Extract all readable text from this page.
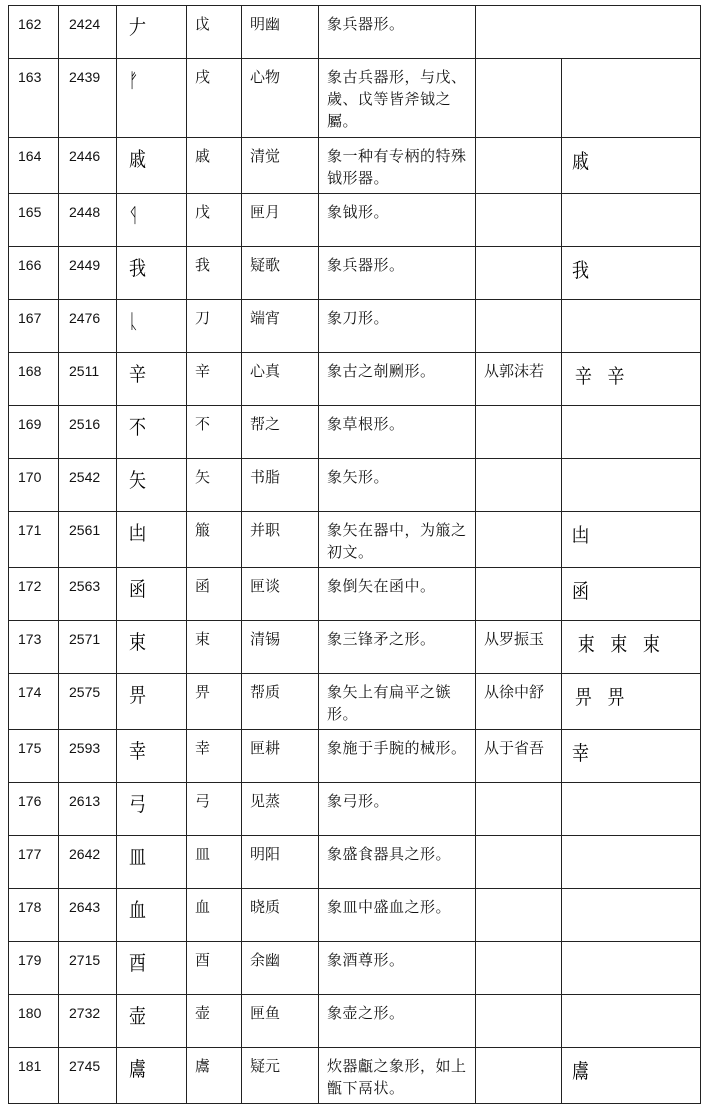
162	2424	𠂇	戉	明幽	象兵器形。		
163	2439	ᚠ	戌	心物	象古兵器形，与戊、歲、戉等皆斧钺之屬。		
164	2446	戚	戚	清觉	象一种有专柄的特殊钺形器。		戚
165	2448	ᛩ	戊	匣月	象钺形。		
166	2449	我	我	疑歌	象兵器形。		我
167	2476	ᚳ	刀	端宵	象刀形。		
168	2511	辛	辛	心真	象古之剞劂形。	从郭沫若	辛 辛
169	2516	不	不	帮之	象草根形。		
170	2542	矢	矢	书脂	象矢形。		
171	2561	凷	箙	并职	象矢在器中，为箙之初文。		凷
172	2563	函	函	匣谈	象倒矢在函中。		函
173	2571	束	束	清锡	象三锋矛之形。	从罗振玉	束 束 束
174	2575	畀	畀	帮质	象矢上有扁平之镞形。	从徐中舒	畀 畀
175	2593	幸	幸	匣耕	象施于手腕的械形。	从于省吾	幸
176	2613	弓	弓	见蒸	象弓形。		
177	2642	皿	皿	明阳	象盛食器具之形。		
178	2643	血	血	晓质	象皿中盛血之形。		
179	2715	酉	酉	余幽	象酒尊形。		
180	2732	壶	壶	匣鱼	象壶之形。		
181	2745	鬳	鬳	疑元	炊器甗之象形，如上甑下鬲状。		鬳
